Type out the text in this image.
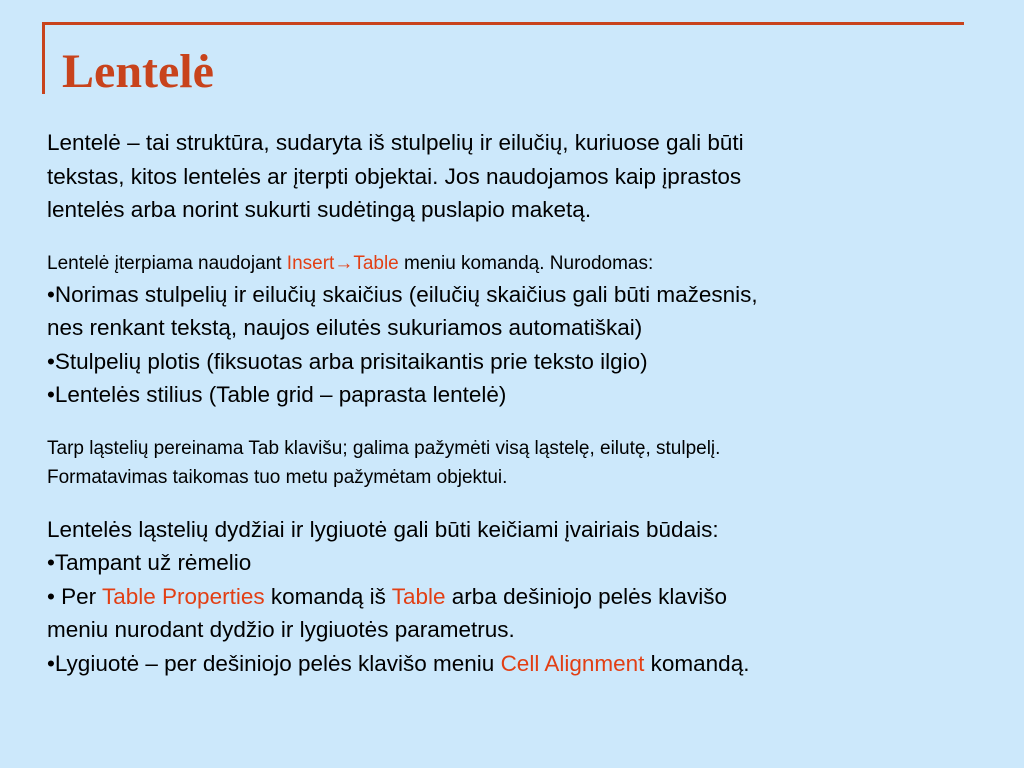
Lentelė

Lentelė – tai struktūra, sudaryta iš stulpelių ir eilučių, kuriuose gali būti

tekstas, kitos lentelės ar įterpti objektai. Jos naudojamos kaip įprastos

lentelės arba norint sukurti sudėtingą puslapio maketą.

Lentelė įterpiama naudojant Insert→Table meniu komandą. Nurodomas:

•Norimas stulpelių ir eilučių skaičius (eilučių skaičius gali būti mažesnis,

nes renkant tekstą, naujos eilutės sukuriamos automatiškai)

•Stulpelių plotis (fiksuotas arba prisitaikantis prie teksto ilgio)

•Lentelės stilius (Table grid – paprasta lentelė)

Tarp ląstelių pereinama Tab klavišu; galima pažymėti visą ląstelę, eilutę, stulpelį.

Formatavimas taikomas tuo metu pažymėtam objektui.

Lentelės ląstelių dydžiai ir lygiuotė gali būti keičiami įvairiais būdais:

•Tampant už rėmelio

• Per Table Properties komandą iš Table arba dešiniojo pelės klavišo

meniu nurodant dydžio ir lygiuotės parametrus.

•Lygiuotė – per dešiniojo pelės klavišo meniu Cell Alignment komandą.
